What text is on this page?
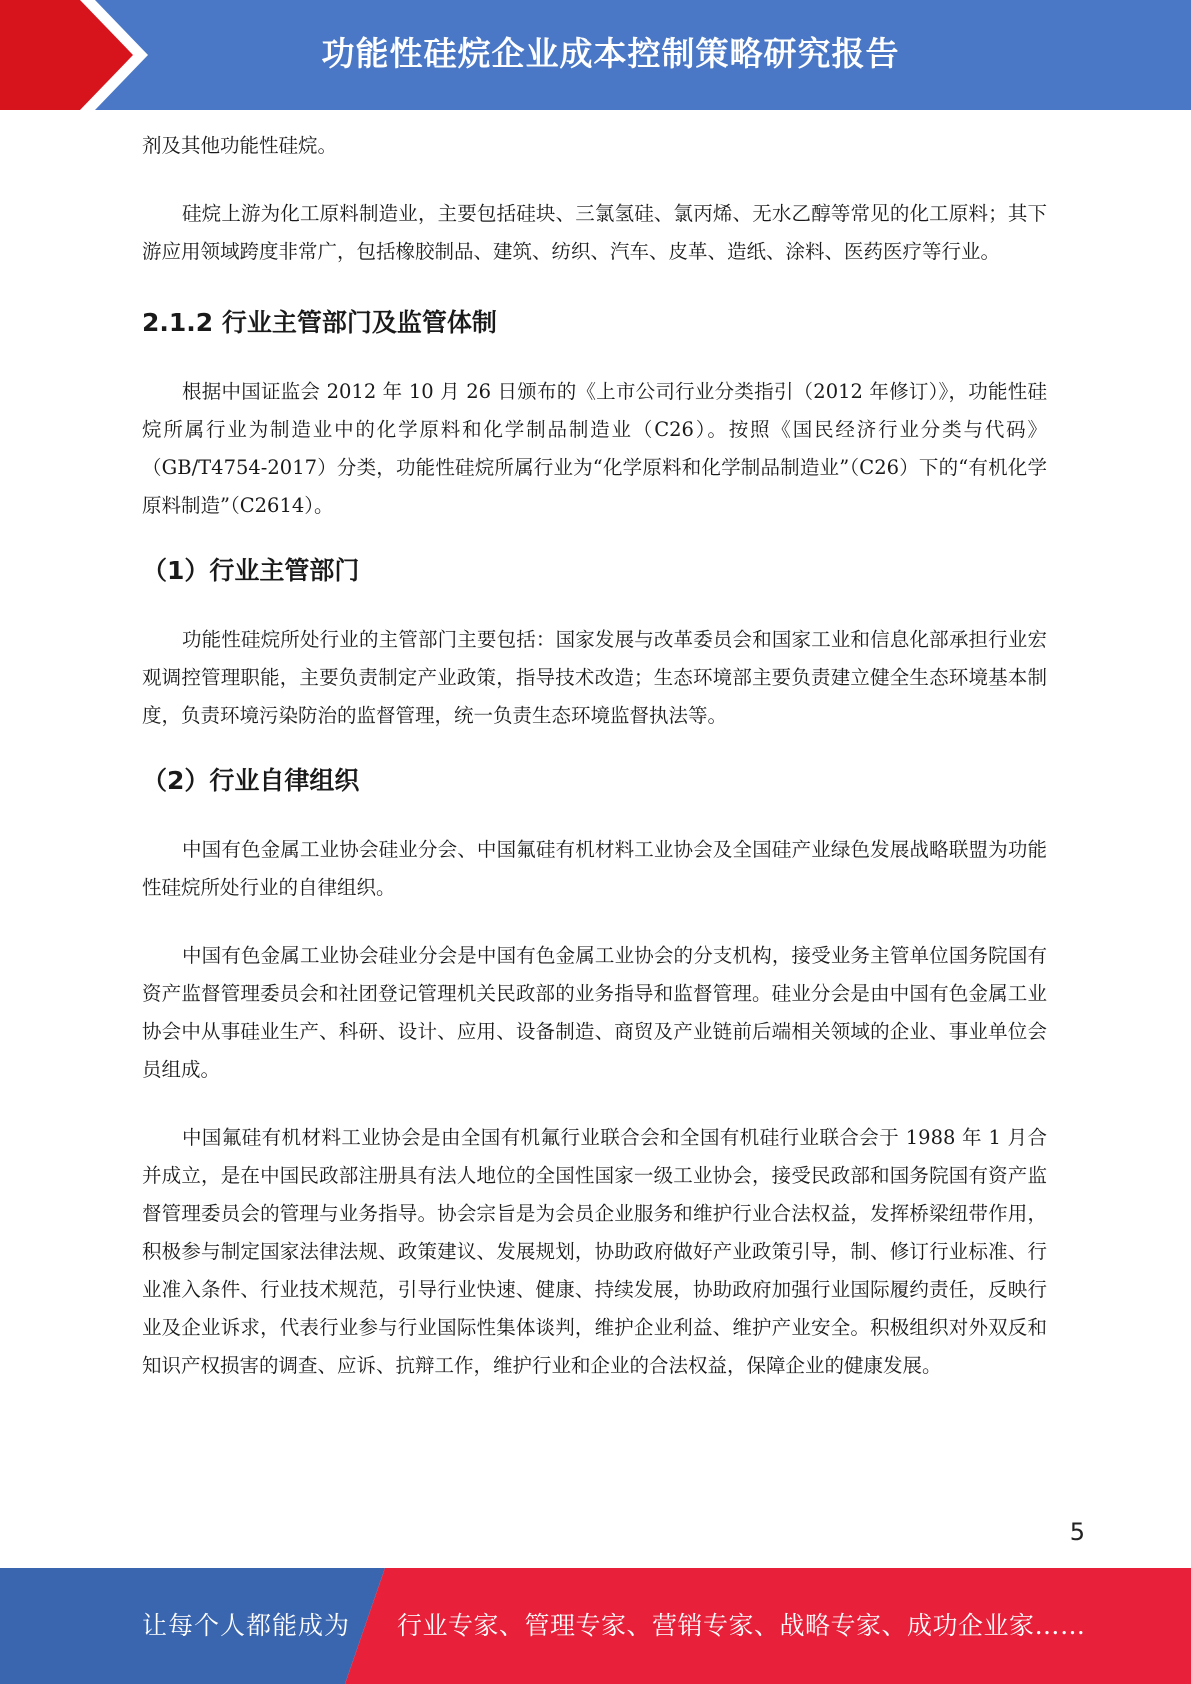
功能性硅烷企业成本控制策略研究报告

剂及其他功能性硅烷。

硅烷上游为化工原料制造业，主要包括硅块、三氯氢硅、氯丙烯、无水乙醇等常见的化工原料；其下游应用领域跨度非常广，包括橡胶制品、建筑、纺织、汽车、皮革、造纸、涂料、医药医疗等行业。

2.1.2 行业主管部门及监管体制

根据中国证监会 2012 年 10 月 26 日颁布的《上市公司行业分类指引（2012 年修订）》，功能性硅烷所属行业为制造业中的化学原料和化学制品制造业（C26）。按照《国民经济行业分类与代码》（GB/T4754-2017）分类，功能性硅烷所属行业为“化学原料和化学制品制造业”（C26）下的“有机化学原料制造”（C2614）。

（1）行业主管部门

功能性硅烷所处行业的主管部门主要包括：国家发展与改革委员会和国家工业和信息化部承担行业宏观调控管理职能，主要负责制定产业政策，指导技术改造；生态环境部主要负责建立健全生态环境基本制度，负责环境污染防治的监督管理，统一负责生态环境监督执法等。

（2）行业自律组织

中国有色金属工业协会硅业分会、中国氟硅有机材料工业协会及全国硅产业绿色发展战略联盟为功能性硅烷所处行业的自律组织。

中国有色金属工业协会硅业分会是中国有色金属工业协会的分支机构，接受业务主管单位国务院国有资产监督管理委员会和社团登记管理机关民政部的业务指导和监督管理。硅业分会是由中国有色金属工业协会中从事硅业生产、科研、设计、应用、设备制造、商贸及产业链前后端相关领域的企业、事业单位会员组成。

中国氟硅有机材料工业协会是由全国有机氟行业联合会和全国有机硅行业联合会于 1988 年 1 月合并成立，是在中国民政部注册具有法人地位的全国性国家一级工业协会，接受民政部和国务院国有资产监督管理委员会的管理与业务指导。协会宗旨是为会员企业服务和维护行业合法权益，发挥桥梁纽带作用，积极参与制定国家法律法规、政策建议、发展规划，协助政府做好产业政策引导，制、修订行业标准、行业准入条件、行业技术规范，引导行业快速、健康、持续发展，协助政府加强行业国际履约责任，反映行业及企业诉求，代表行业参与行业国际性集体谈判，维护企业利益、维护产业安全。积极组织对外双反和知识产权损害的调查、应诉、抗辩工作，维护行业和企业的合法权益，保障企业的健康发展。

5
让每个人都能成为 行业专家、管理专家、营销专家、战略专家、成功企业家……
